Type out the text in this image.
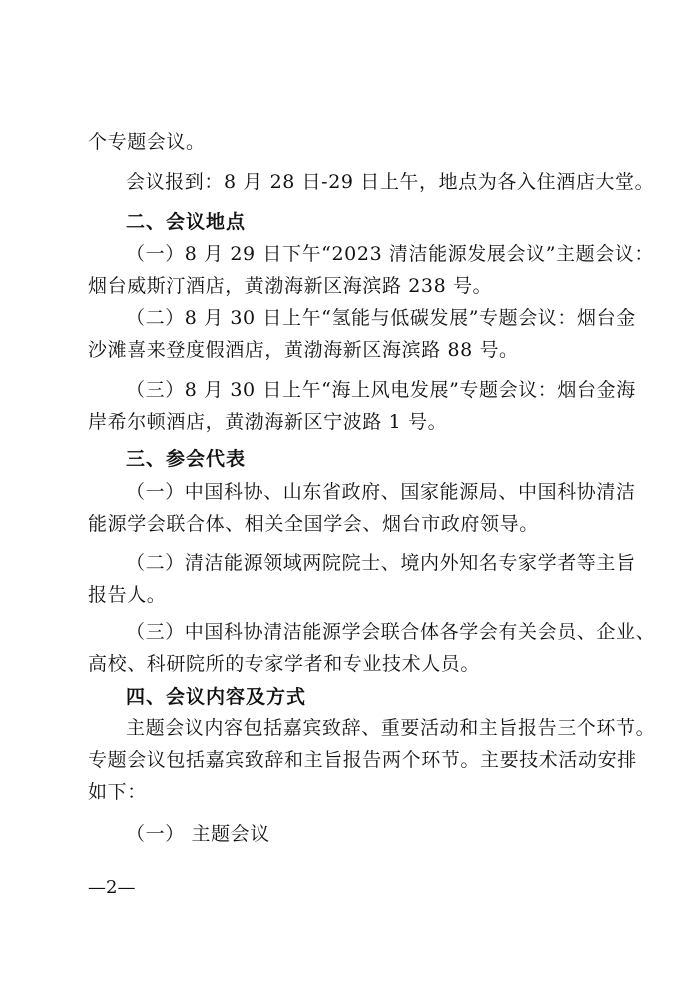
个专题会议。
会议报到：8 月 28 日-29 日上午，地点为各入住酒店大堂。
二、会议地点
（一）8 月 29 日下午“2023 清洁能源发展会议”主题会议：
烟台威斯汀酒店，黄渤海新区海滨路 238 号。
（二）8 月 30 日上午“氢能与低碳发展”专题会议：烟台金
沙滩喜来登度假酒店，黄渤海新区海滨路 88 号。
（三）8 月 30 日上午“海上风电发展”专题会议：烟台金海
岸希尔顿酒店，黄渤海新区宁波路 1 号。
三、参会代表
（一）中国科协、山东省政府、国家能源局、中国科协清洁
能源学会联合体、相关全国学会、烟台市政府领导。
（二）清洁能源领域两院院士、境内外知名专家学者等主旨
报告人。
（三）中国科协清洁能源学会联合体各学会有关会员、企业、
高校、科研院所的专家学者和专业技术人员。
四、会议内容及方式
主题会议内容包括嘉宾致辞、重要活动和主旨报告三个环节。
专题会议包括嘉宾致辞和主旨报告两个环节。主要技术活动安排
如下：
（一） 主题会议
—2—
